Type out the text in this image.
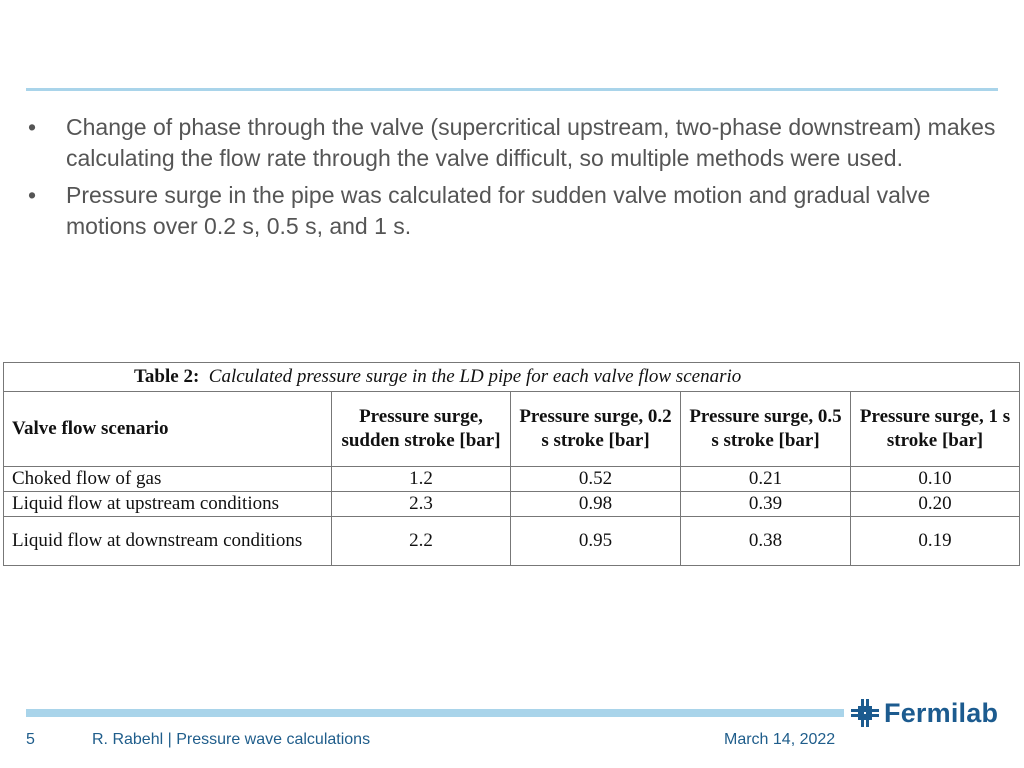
• Change of phase through the valve (supercritical upstream, two-phase downstream) makes calculating the flow rate through the valve difficult, so multiple methods were used.
• Pressure surge in the pipe was calculated for sudden valve motion and gradual valve motions over 0.2 s, 0.5 s, and 1 s.
Table 2: Calculated pressure surge in the LD pipe for each valve flow scenario				
Valve flow scenario	Pressure surge, sudden stroke [bar]	Pressure surge, 0.2 s stroke [bar]	Pressure surge, 0.5 s stroke [bar]	Pressure surge, 1 s stroke [bar]
Choked flow of gas	1.2	0.52	0.21	0.10
Liquid flow at upstream conditions	2.3	0.98	0.39	0.20
Liquid flow at downstream conditions	2.2	0.95	0.38	0.19
Fermilab
5	R. Rabehl | Pressure wave calculations	March 14, 2022
